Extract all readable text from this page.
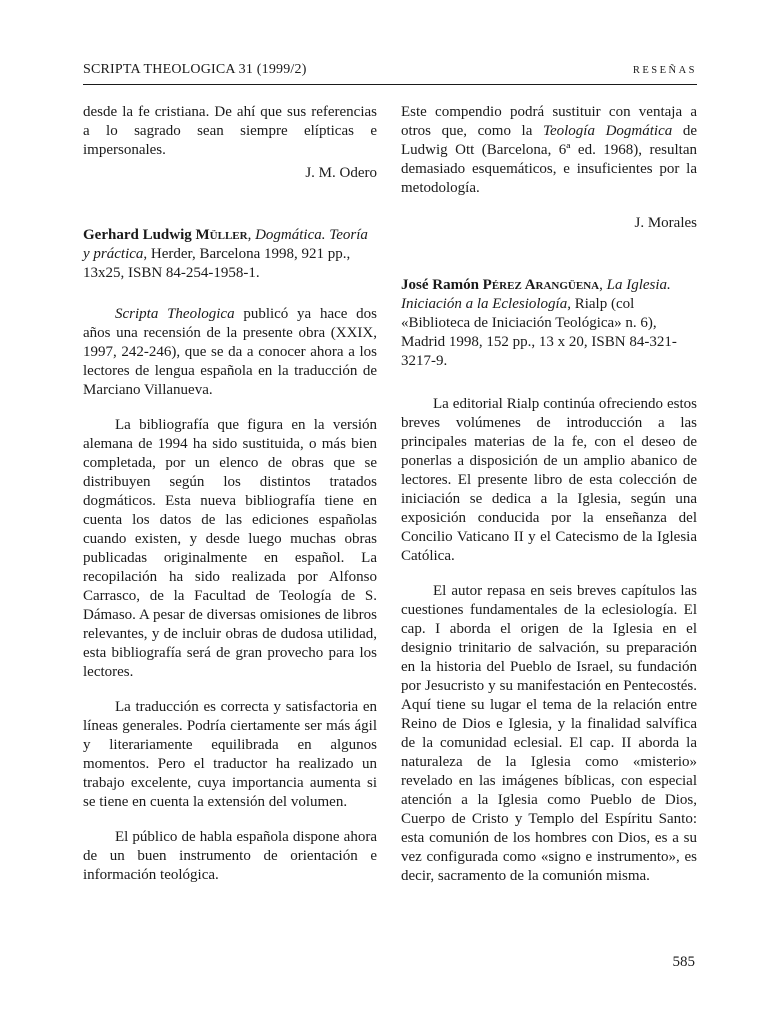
SCRIPTA THEOLOGICA 31 (1999/2)	RESEÑAS

desde la fe cristiana. De ahí que sus referencias a lo sagrado sean siempre elípticas e impersonales.

J. M. Odero

Gerhard Ludwig Müller, Dogmática. Teoría y práctica, Herder, Barcelona 1998, 921 pp., 13x25, ISBN 84-254-1958-1.

Scripta Theologica publicó ya hace dos años una recensión de la presente obra (XXIX, 1997, 242-246), que se da a conocer ahora a los lectores de lengua española en la traducción de Marciano Villanueva.

La bibliografía que figura en la versión alemana de 1994 ha sido sustituida, o más bien completada, por un elenco de obras que se distribuyen según los distintos tratados dogmáticos. Esta nueva bibliografía tiene en cuenta los datos de las ediciones españolas cuando existen, y desde luego muchas obras publicadas originalmente en español. La recopilación ha sido realizada por Alfonso Carrasco, de la Facultad de Teología de S. Dámaso. A pesar de diversas omisiones de libros relevantes, y de incluir obras de dudosa utilidad, esta bibliografía será de gran provecho para los lectores.

La traducción es correcta y satisfactoria en líneas generales. Podría ciertamente ser más ágil y literariamente equilibrada en algunos momentos. Pero el traductor ha realizado un trabajo excelente, cuya importancia aumenta si se tiene en cuenta la extensión del volumen.

El público de habla española dispone ahora de un buen instrumento de orientación e información teológica.

Este compendio podrá sustituir con ventaja a otros que, como la Teología Dogmática de Ludwig Ott (Barcelona, 6ª ed. 1968), resultan demasiado esquemáticos, e insuficientes por la metodología.

J. Morales

José Ramón Pérez Arangüena, La Iglesia. Iniciación a la Eclesiología, Rialp (col «Biblioteca de Iniciación Teológica» n. 6), Madrid 1998, 152 pp., 13 x 20, ISBN 84-321-3217-9.

La editorial Rialp continúa ofreciendo estos breves volúmenes de introducción a las principales materias de la fe, con el deseo de ponerlas a disposición de un amplio abanico de lectores. El presente libro de esta colección de iniciación se dedica a la Iglesia, según una exposición conducida por la enseñanza del Concilio Vaticano II y el Catecismo de la Iglesia Católica.

El autor repasa en seis breves capítulos las cuestiones fundamentales de la eclesiología. El cap. I aborda el origen de la Iglesia en el designio trinitario de salvación, su preparación en la historia del Pueblo de Israel, su fundación por Jesucristo y su manifestación en Pentecostés. Aquí tiene su lugar el tema de la relación entre Reino de Dios e Iglesia, y la finalidad salvífica de la comunidad eclesial. El cap. II aborda la naturaleza de la Iglesia como «misterio» revelado en las imágenes bíblicas, con especial atención a la Iglesia como Pueblo de Dios, Cuerpo de Cristo y Templo del Espíritu Santo: esta comunión de los hombres con Dios, es a su vez configurada como «signo e instrumento», es decir, sacramento de la comunión misma.

585
